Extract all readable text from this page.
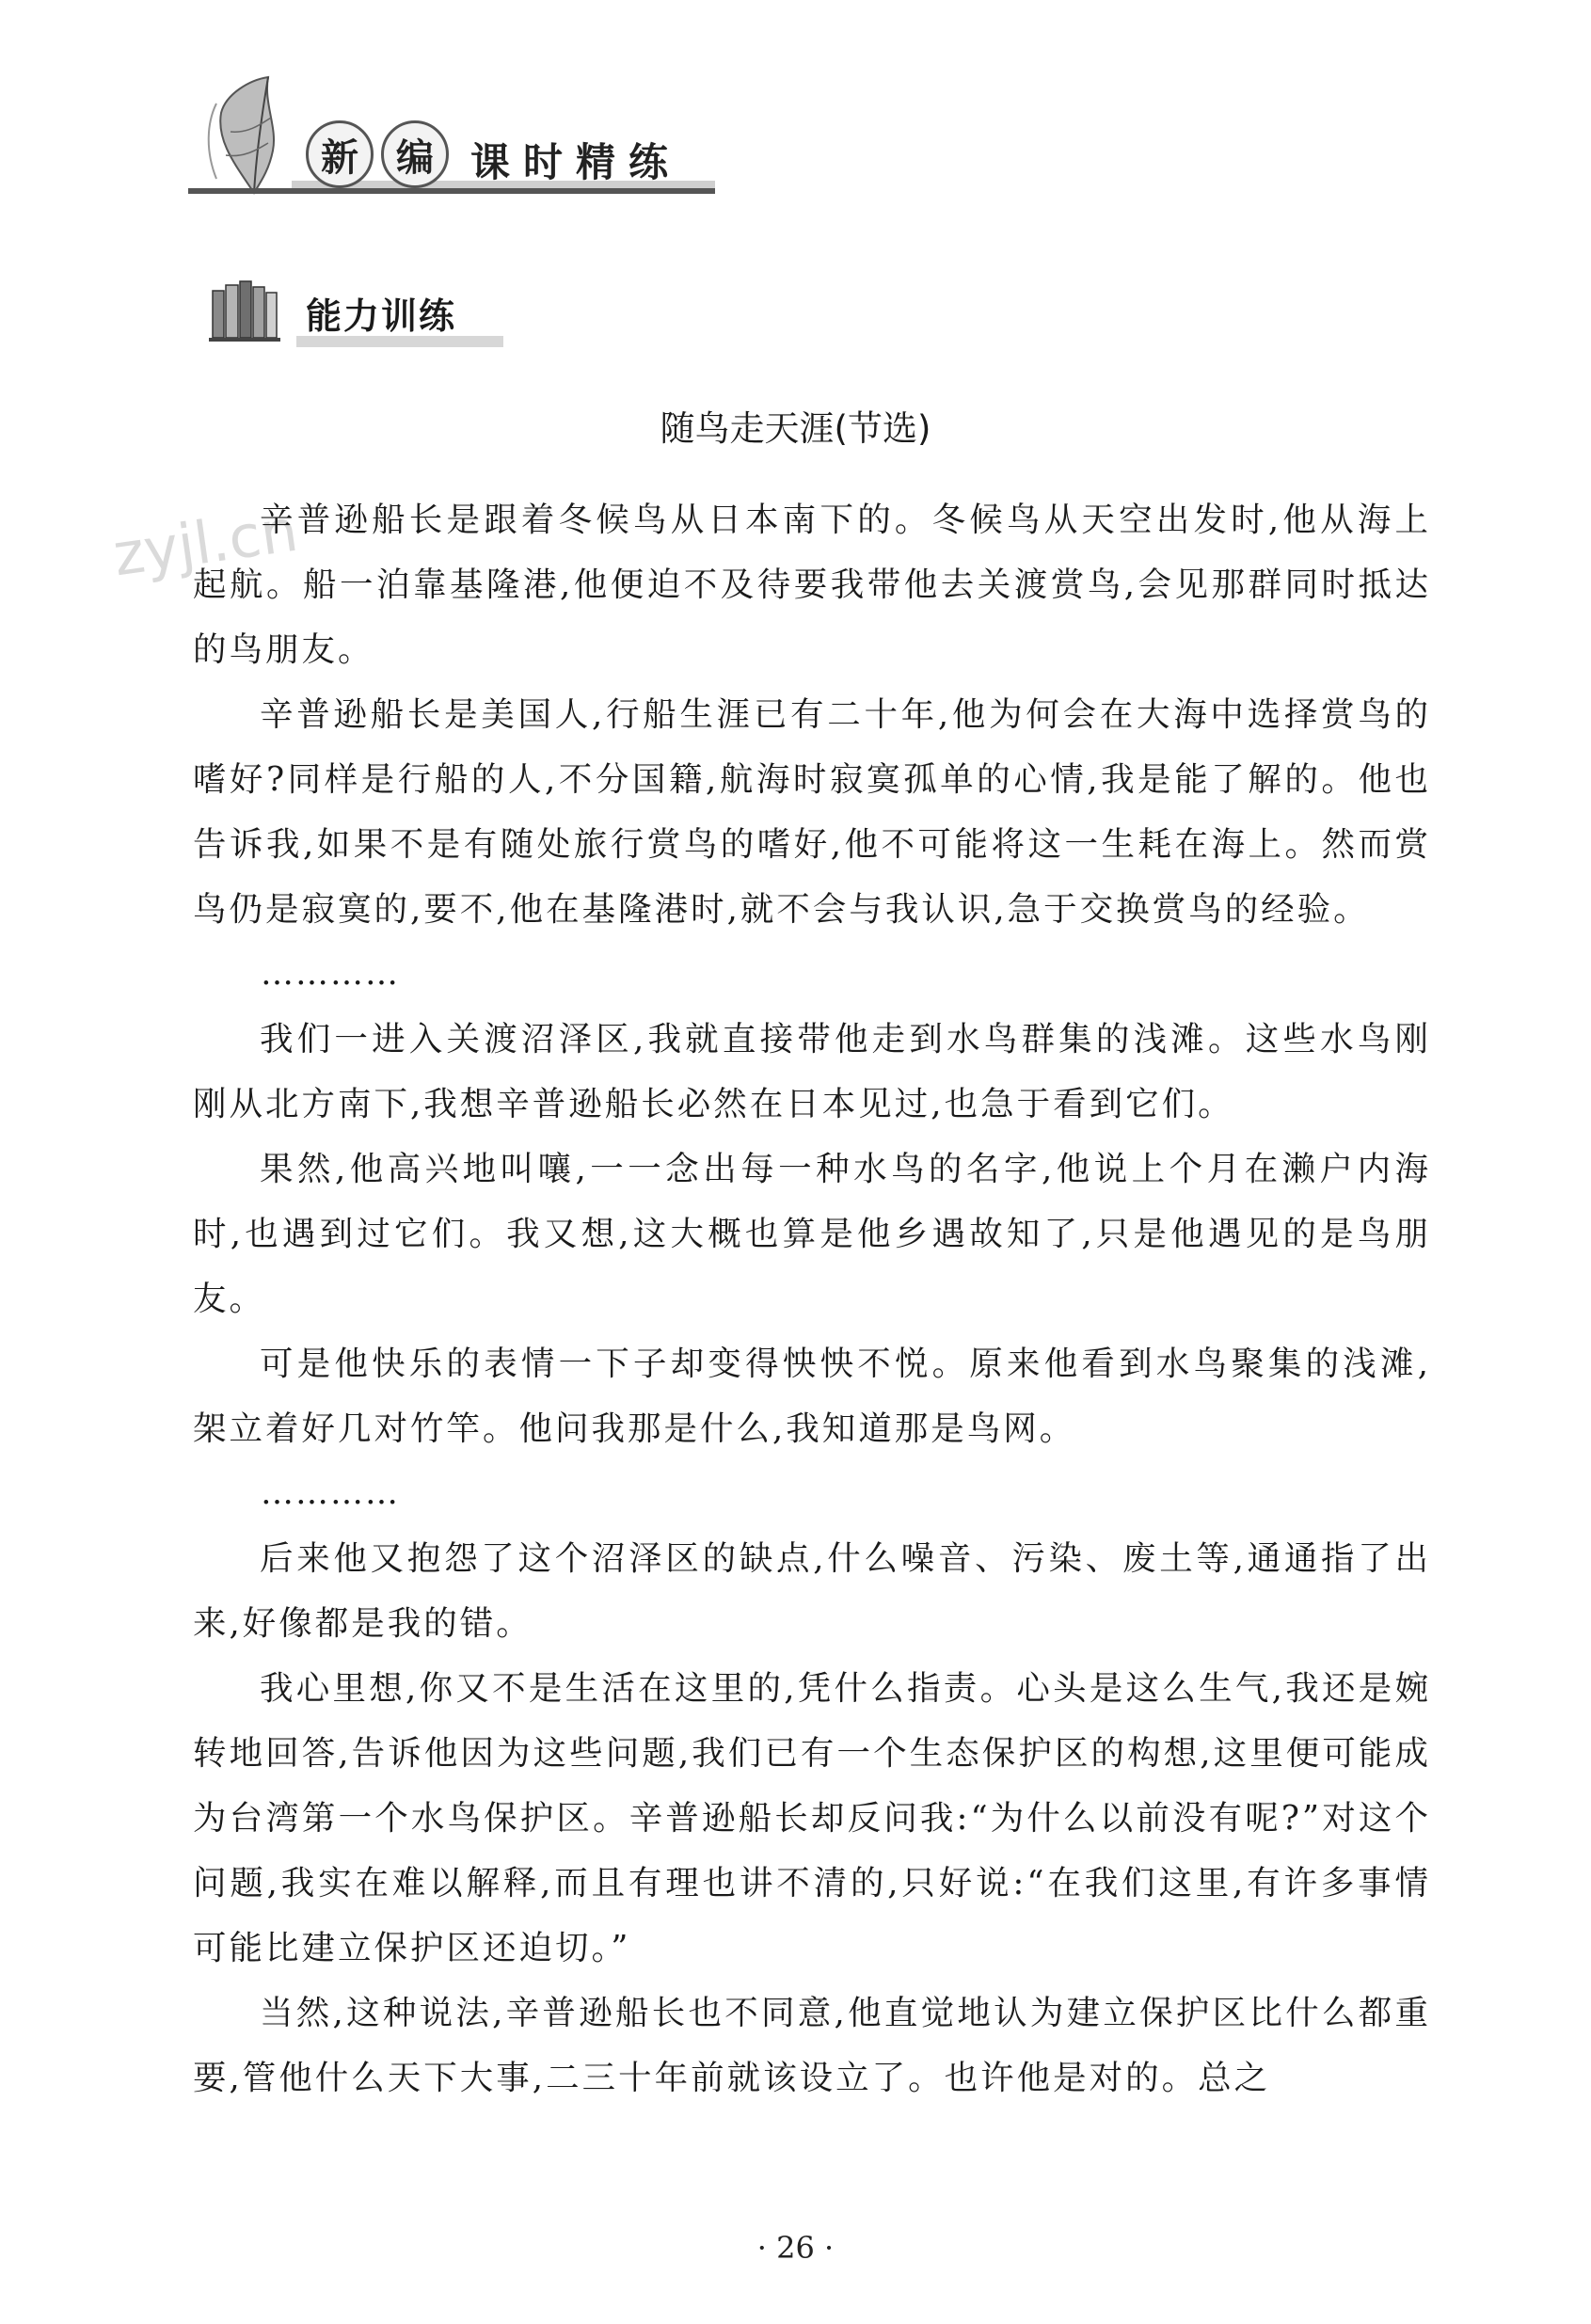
新	编 课时精练
能力训练
zyjl.cn
随鸟走天涯(节选)

辛普逊船长是跟着冬候鸟从日本南下的。冬候鸟从天空出发时,他从海上起航。船一泊靠基隆港,他便迫不及待要我带他去关渡赏鸟,会见那群同时抵达的鸟朋友。

辛普逊船长是美国人,行船生涯已有二十年,他为何会在大海中选择赏鸟的嗜好?同样是行船的人,不分国籍,航海时寂寞孤单的心情,我是能了解的。他也告诉我,如果不是有随处旅行赏鸟的嗜好,他不可能将这一生耗在海上。然而赏鸟仍是寂寞的,要不,他在基隆港时,就不会与我认识,急于交换赏鸟的经验。

…………

我们一进入关渡沼泽区,我就直接带他走到水鸟群集的浅滩。这些水鸟刚刚从北方南下,我想辛普逊船长必然在日本见过,也急于看到它们。

果然,他高兴地叫嚷,一一念出每一种水鸟的名字,他说上个月在濑户内海时,也遇到过它们。我又想,这大概也算是他乡遇故知了,只是他遇见的是鸟朋友。

可是他快乐的表情一下子却变得怏怏不悦。原来他看到水鸟聚集的浅滩,架立着好几对竹竿。他问我那是什么,我知道那是鸟网。

…………

后来他又抱怨了这个沼泽区的缺点,什么噪音、污染、废土等,通通指了出来,好像都是我的错。

我心里想,你又不是生活在这里的,凭什么指责。心头是这么生气,我还是婉转地回答,告诉他因为这些问题,我们已有一个生态保护区的构想,这里便可能成为台湾第一个水鸟保护区。辛普逊船长却反问我:“为什么以前没有呢?”对这个问题,我实在难以解释,而且有理也讲不清的,只好说:“在我们这里,有许多事情可能比建立保护区还迫切。”

当然,这种说法,辛普逊船长也不同意,他直觉地认为建立保护区比什么都重要,管他什么天下大事,二三十年前就该设立了。也许他是对的。总之

· 26 ·
